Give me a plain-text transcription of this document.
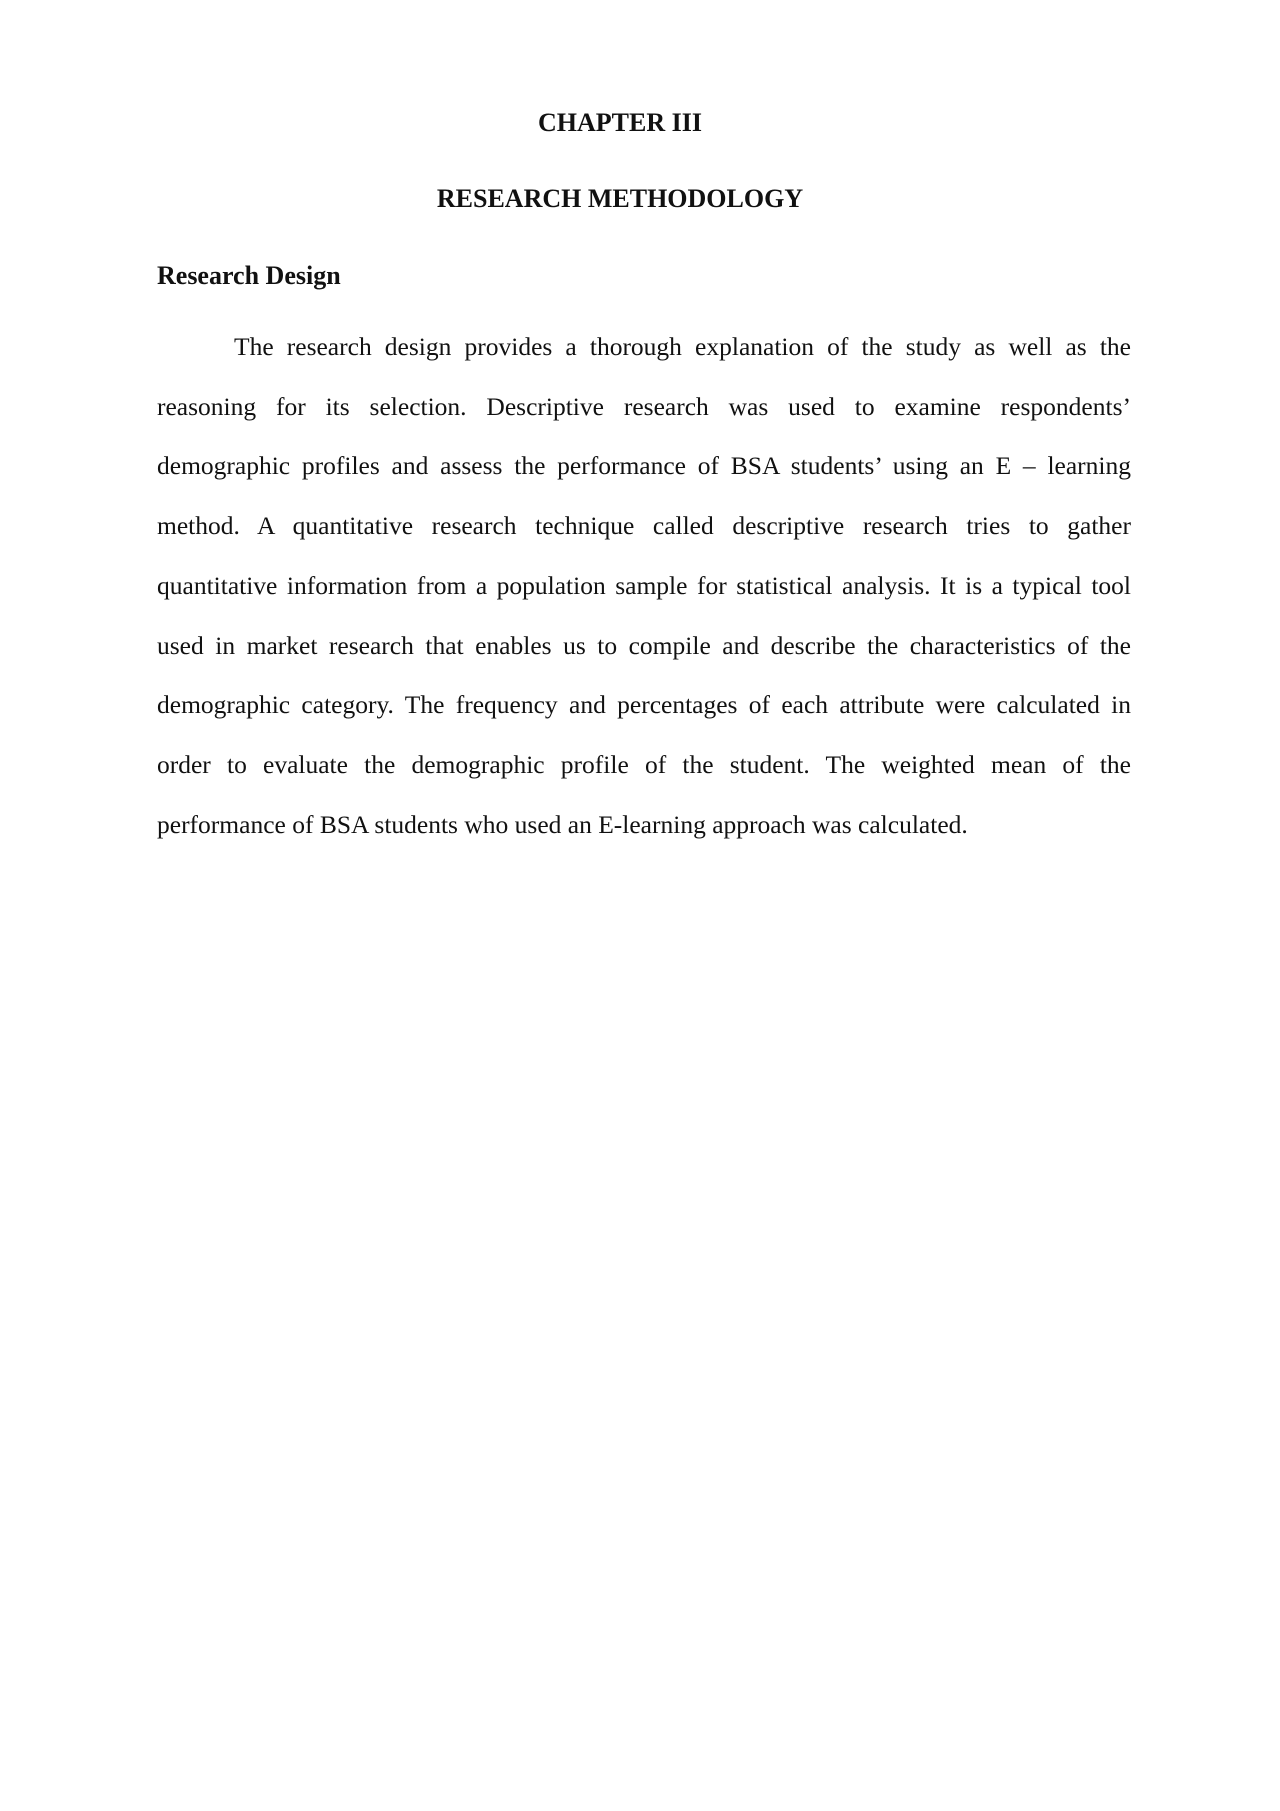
CHAPTER III
RESEARCH METHODOLOGY
Research Design

The research design provides a thorough explanation of the study as well as the reasoning for its selection. Descriptive research was used to examine respondents’ demographic profiles and assess the performance of BSA students’ using an E – learning method. A quantitative research technique called descriptive research tries to gather quantitative information from a population sample for statistical analysis. It is a typical tool used in market research that enables us to compile and describe the characteristics of the demographic category. The frequency and percentages of each attribute were calculated in order to evaluate the demographic profile of the student. The weighted mean of the performance of BSA students who used an E-learning approach was calculated.
